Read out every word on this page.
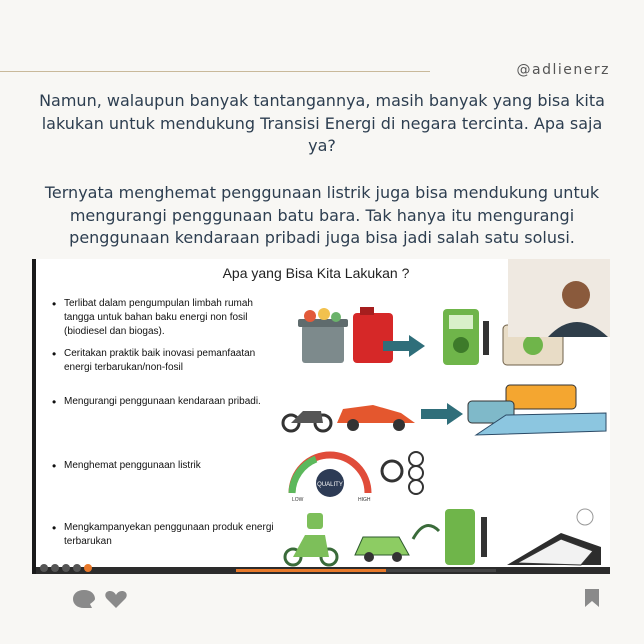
@adlienerz
Namun, walaupun banyak tantangannya, masih banyak yang bisa kita lakukan untuk mendukung Transisi Energi di negara tercinta. Apa saja ya?
Ternyata menghemat penggunaan listrik juga bisa mendukung untuk mengurangi penggunaan batu bara. Tak hanya itu mengurangi penggunaan kendaraan pribadi juga bisa jadi salah satu solusi.
Apa yang Bisa Kita Lakukan ?
• Terlibat dalam pengumpulan limbah rumah tangga untuk bahan baku energi non fosil (biodiesel dan biogas).
• Ceritakan praktik baik inovasi pemanfaatan energi terbarukan/non-fosil
• Mengurangi penggunaan kendaraan pribadi.
• Menghemat penggunaan listrik
• Mengkampanyekan penggunaan produk energi terbarukan
QUALITY
LOW	HIGH
